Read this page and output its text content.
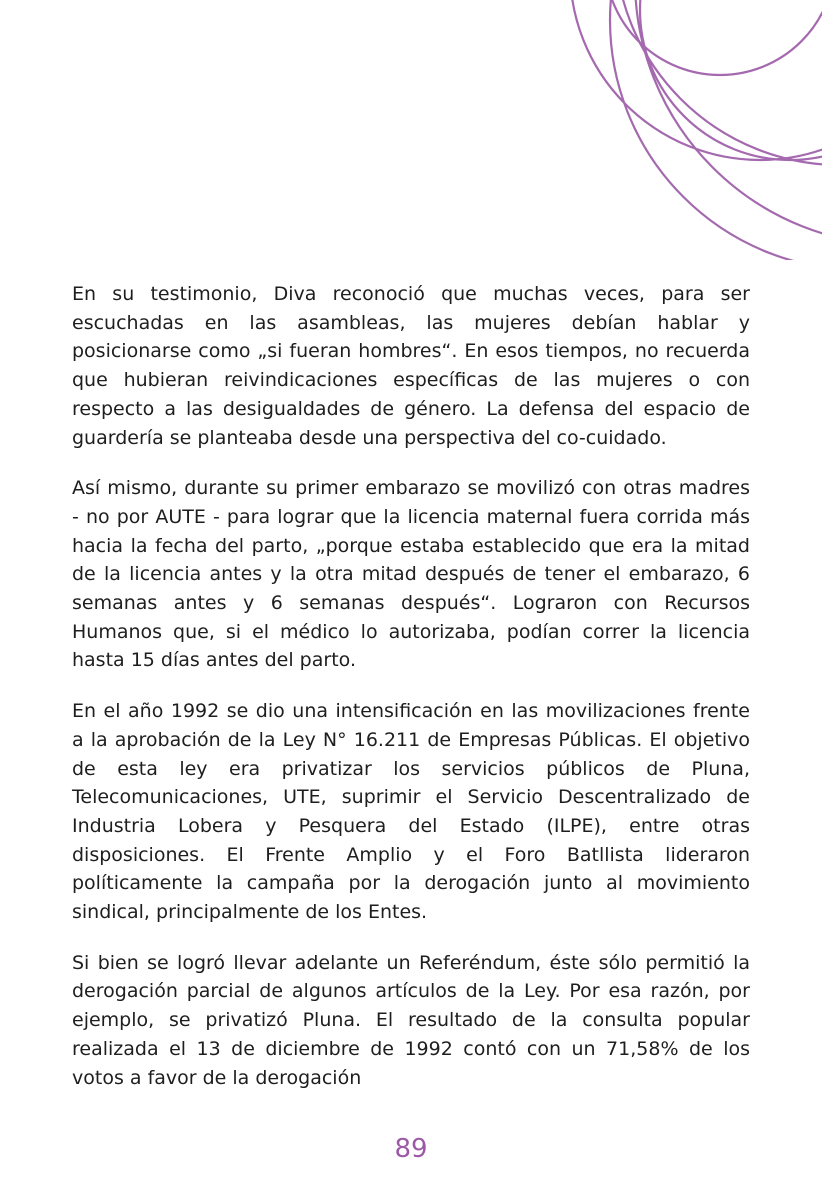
En su testimonio, Diva reconoció que muchas veces, para ser escuchadas en las asambleas, las mujeres debían hablar y posicionarse como „si fueran hombres“. En esos tiempos, no recuerda que hubieran reivindicaciones específicas de las mujeres o con respecto a las desigualdades de género. La defensa del espacio de guardería se planteaba desde una perspectiva del co-cuidado.

Así mismo, durante su primer embarazo se movilizó con otras madres - no por AUTE - para lograr que la licencia maternal fuera corrida más hacia la fecha del parto, „porque estaba establecido que era la mitad de la licencia antes y la otra mitad después de tener el embarazo, 6 semanas antes y 6 semanas después“. Lograron con Recursos Humanos que, si el médico lo autorizaba, podían correr la licencia hasta 15 días antes del parto.

En el año 1992 se dio una intensificación en las movilizaciones frente a la aprobación de la Ley N° 16.211 de Empresas Públicas. El objetivo de esta ley era privatizar los servicios públicos de Pluna, Telecomunicaciones, UTE, suprimir el Servicio Descentralizado de Industria Lobera y Pesquera del Estado (ILPE), entre otras disposiciones. El Frente Amplio y el Foro Batllista lideraron políticamente la campaña por la derogación junto al movimiento sindical, principalmente de los Entes.

Si bien se logró llevar adelante un Referéndum, éste sólo permitió la derogación parcial de algunos artículos de la Ley. Por esa razón, por ejemplo, se privatizó Pluna. El resultado de la consulta popular realizada el 13 de diciembre de 1992 contó con un 71,58% de los votos a favor de la derogación

89
